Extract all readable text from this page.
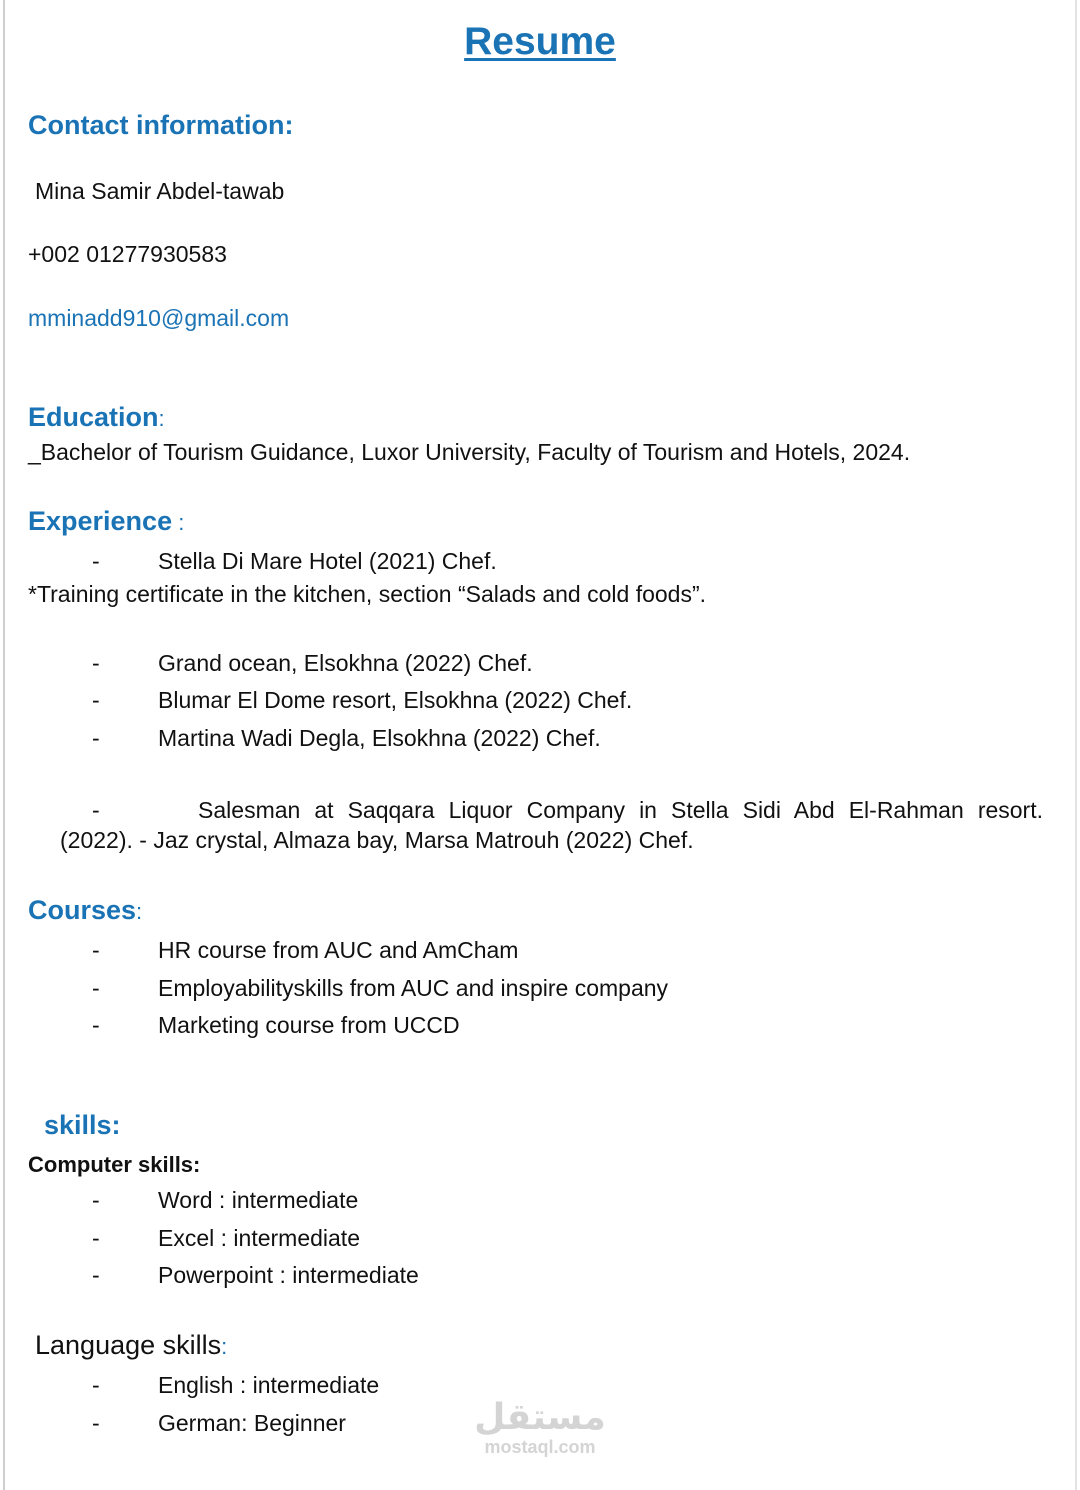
Resume
Contact information:
Mina Samir Abdel-tawab
+002 01277930583
mminadd910@gmail.com
Education:
_Bachelor of Tourism Guidance, Luxor University, Faculty of Tourism and Hotels, 2024.
Experience :
-	Stella Di Mare Hotel (2021) Chef.
*Training certificate in the kitchen, section “Salads and cold foods”.
-	Grand ocean, Elsokhna (2022) Chef.
-	Blumar El Dome resort, Elsokhna (2022) Chef.
-	Martina Wadi Degla, Elsokhna (2022) Chef.
-	Salesman at Saqqara Liquor Company in Stella Sidi Abd El-Rahman resort.
(2022). - Jaz crystal, Almaza bay, Marsa Matrouh (2022) Chef.
Courses:
-	HR course from AUC and AmCham
-	Employabilityskills from AUC and inspire company
-	Marketing course from UCCD
skills:
Computer skills:
-	Word : intermediate
-	Excel : intermediate
-	Powerpoint : intermediate
Language skills:
-	English : intermediate
-	German: Beginner	مستقل
mostaql.com
